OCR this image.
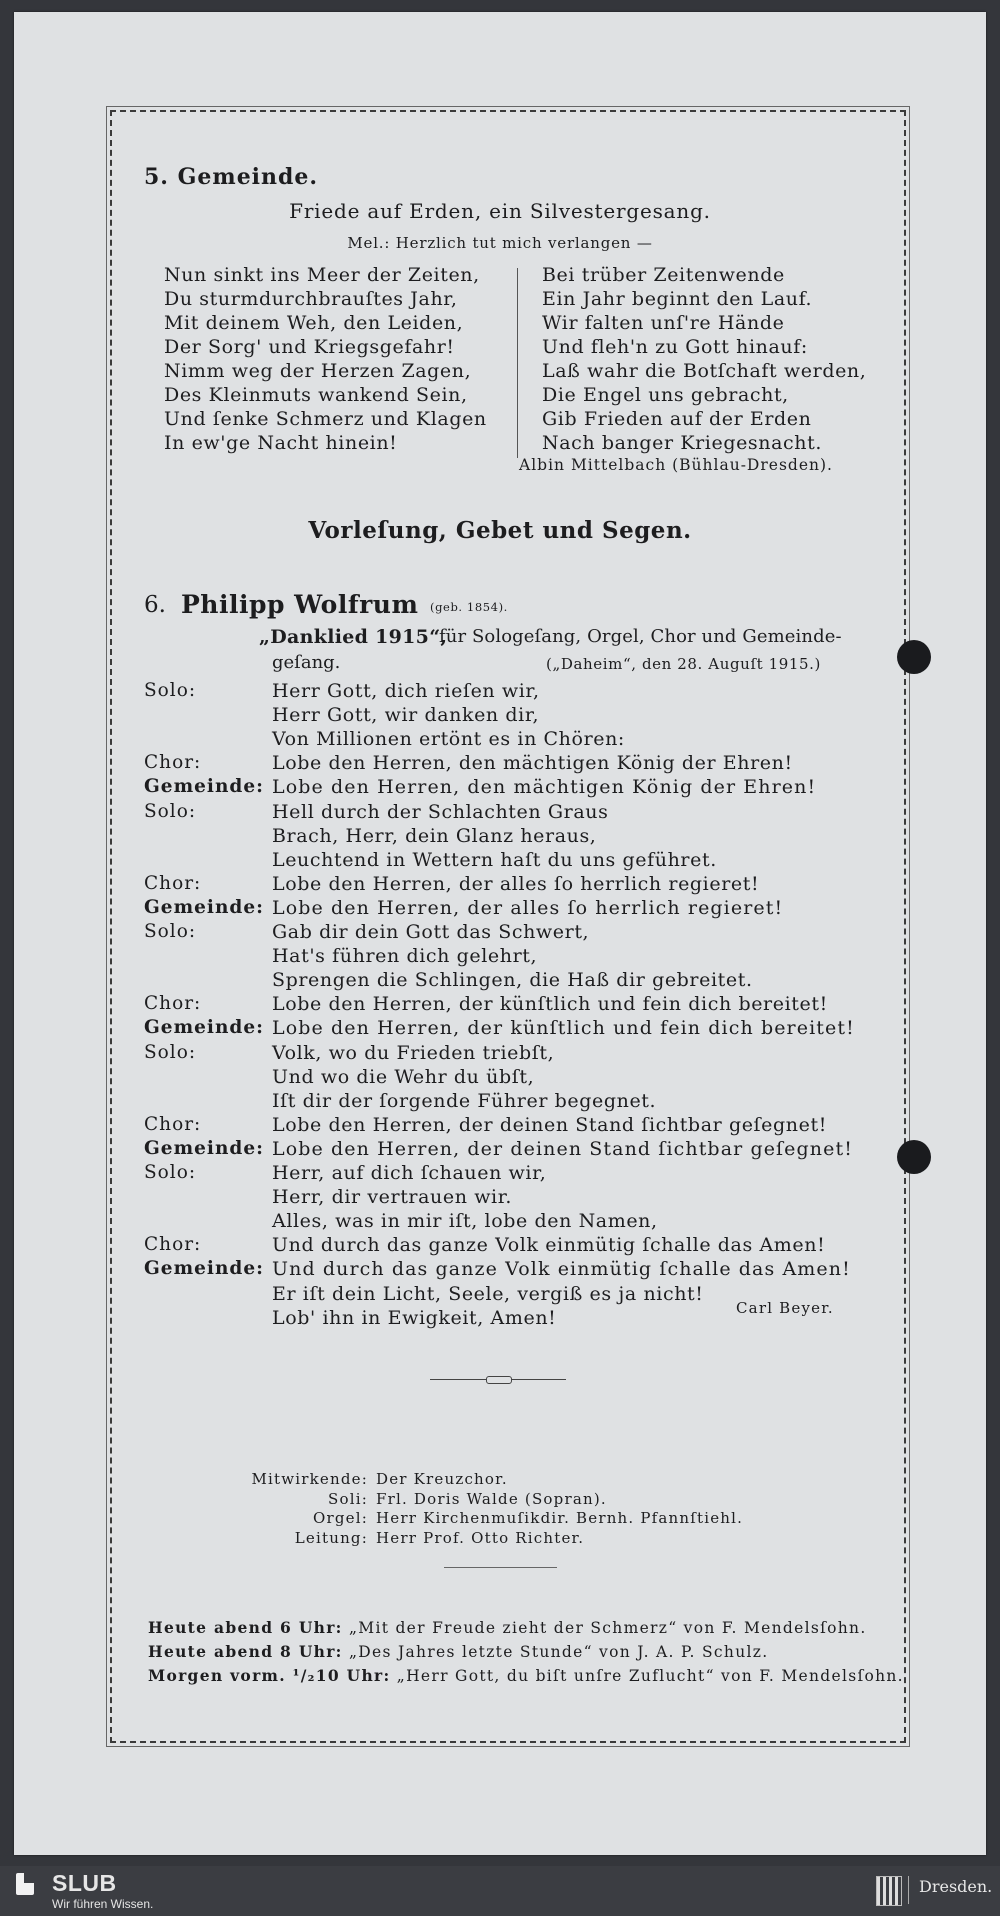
5. Gemeinde.
Friede auf Erden, ein Silvestergesang.
Mel.: Herzlich tut mich verlangen —
Nun sinkt ins Meer der Zeiten,
Du sturmdurchbrauſtes Jahr,
Mit deinem Weh, den Leiden,
Der Sorg' und Kriegsgefahr!
Nimm weg der Herzen Zagen,
Des Kleinmuts wankend Sein,
Und ſenke Schmerz und Klagen
In ew'ge Nacht hinein!
Bei trüber Zeitenwende
Ein Jahr beginnt den Lauf.
Wir falten unſ're Hände
Und fleh'n zu Gott hinauf:
Laß wahr die Botſchaft werden,
Die Engel uns gebracht,
Gib Frieden auf der Erden
Nach banger Kriegesnacht.
Albin Mittelbach (Bühlau-Dresden).
Vorleſung, Gebet und Segen.
6. Philipp Wolfrum (geb. 1854).
„Danklied 1915“,
für Sologeſang, Orgel, Chor und Gemeinde-
geſang.	(„Daheim“, den 28. Auguſt 1915.)
Solo:	Herr Gott, dich rieſen wir,
Herr Gott, wir danken dir,
Von Millionen ertönt es in Chören:
Chor:	Lobe den Herren, den mächtigen König der Ehren!
Gemeinde: Lobe den Herren, den mächtigen König der Ehren!
Solo:	Hell durch der Schlachten Graus
Brach, Herr, dein Glanz heraus,
Leuchtend in Wettern haſt du uns geführet.
Chor:	Lobe den Herren, der alles ſo herrlich regieret!
Gemeinde: Lobe den Herren, der alles ſo herrlich regieret!
Solo:	Gab dir dein Gott das Schwert,
Hat's führen dich gelehrt,
Sprengen die Schlingen, die Haß dir gebreitet.
Chor:	Lobe den Herren, der künſtlich und fein dich bereitet!
Gemeinde: Lobe den Herren, der künſtlich und fein dich bereitet!
Solo:	Volk, wo du Frieden triebſt,
Und wo die Wehr du übſt,
Iſt dir der ſorgende Führer begegnet.
Chor:	Lobe den Herren, der deinen Stand ſichtbar geſegnet!
Gemeinde: Lobe den Herren, der deinen Stand ſichtbar geſegnet!
Solo:	Herr, auf dich ſchauen wir,
Herr, dir vertrauen wir.
Alles, was in mir iſt, lobe den Namen,
Chor:	Und durch das ganze Volk einmütig ſchalle das Amen!
Gemeinde: Und durch das ganze Volk einmütig ſchalle das Amen!
Er iſt dein Licht, Seele, vergiß es ja nicht!
Lob' ihn in Ewigkeit, Amen!	Carl Beyer.
Mitwirkende: Der Kreuzchor.
Soli: Frl. Doris Walde (Sopran).
Orgel: Herr Kirchenmuſikdir. Bernh. Pfannſtiehl.
Leitung: Herr Prof. Otto Richter.
Heute abend 6 Uhr: „Mit der Freude zieht der Schmerz“ von F. Mendelsſohn.
Heute abend 8 Uhr: „Des Jahres letzte Stunde“ von J. A. P. Schulz.
Morgen vorm. ¹/₂10 Uhr: „Herr Gott, du biſt unſre Zuflucht“ von F. Mendelsſohn.
SLUB
Wir führen Wissen.
Dresden.
